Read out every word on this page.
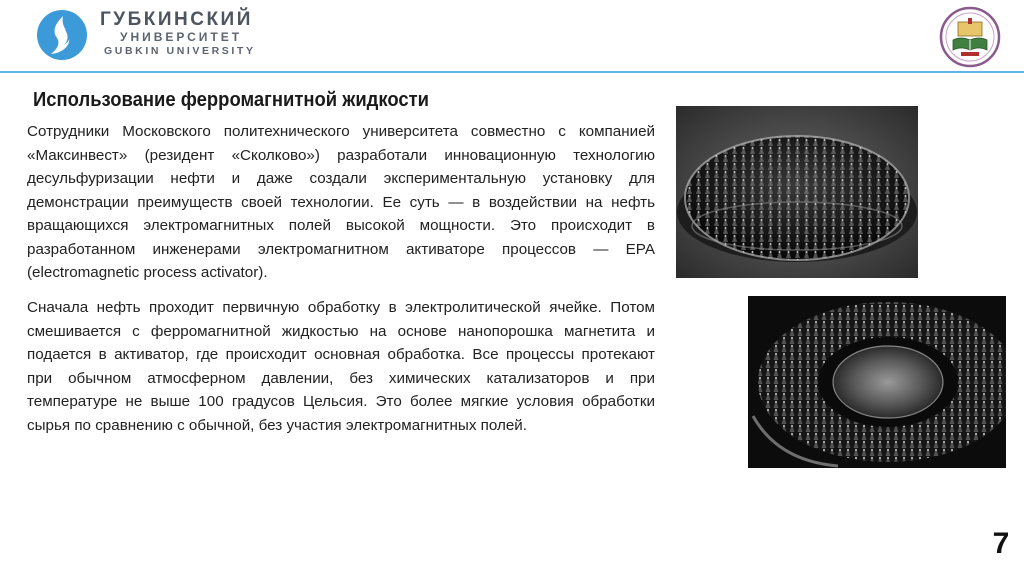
ГУБКИНСКИЙ
УНИВЕРСИТЕТ
GUBKIN UNIVERSITY
Использование ферромагнитной жидкости

Сотрудники Московского политехнического университета совместно с компанией «Максинвест» (резидент «Сколково») разработали инновационную технологию десульфуризации нефти и даже создали экспериментальную установку для демонстрации преимуществ своей технологии. Ее суть — в воздействии на нефть вращающихся электромагнитных полей высокой мощности. Это происходит в разработанном инженерами электромагнитном активаторе процессов — ЕРА (electromagnetic process activator).

Сначала нефть проходит первичную обработку в электролитической ячейке. Потом смешивается с ферромагнитной жидкостью на основе нанопорошка магнетита и подается в активатор, где происходит основная обработка. Все процессы протекают при обычном атмосферном давлении, без химических катализаторов и при температуре не выше 100 градусов Цельсия. Это более мягкие условия обработки сырья по сравнению с обычной, без участия электромагнитных полей.

7
